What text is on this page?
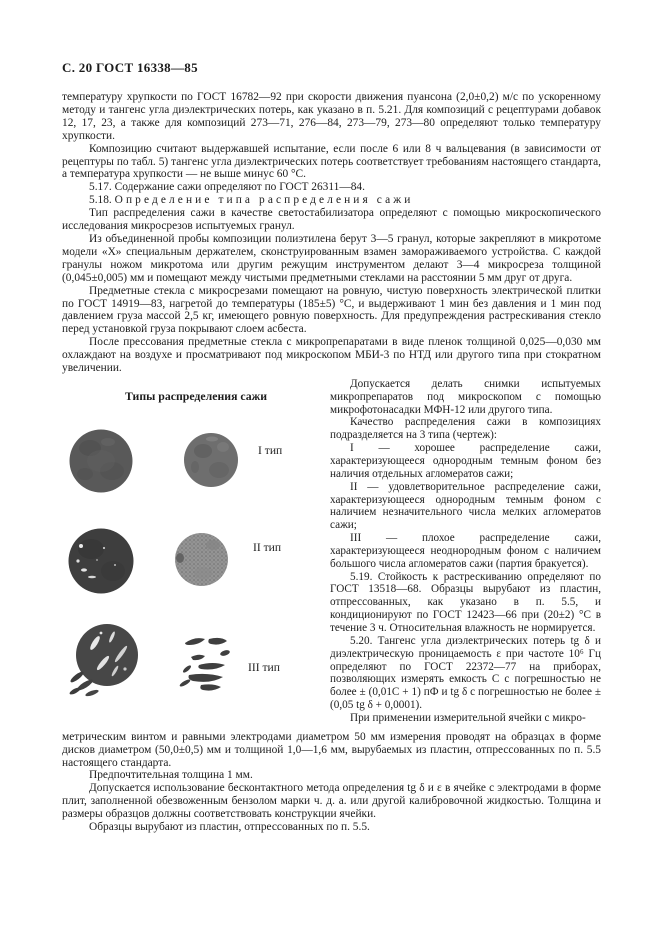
С. 20 ГОСТ 16338—85

температуру хрупкости по ГОСТ 16782—92 при скорости движения пуансона (2,0±0,2) м/с по ускоренному методу и тангенс угла диэлектрических потерь, как указано в п. 5.21. Для композиций с рецептурами добавок 12, 17, 23, а также для композиций 273—71, 276—84, 273—79, 273—80 определяют только температуру хрупкости.

Композицию считают выдержавшей испытание, если после 6 или 8 ч вальцевания (в зависимости от рецептуры по табл. 5) тангенс угла диэлектрических потерь соответствует требованиям настоящего стандарта, а температура хрупкости — не выше минус 60 °С.

5.17. Содержание сажи определяют по ГОСТ 26311—84.

5.18. Определение типа распределения сажи

Тип распределения сажи в качестве светостабилизатора определяют с помощью микроскопического исследования микросрезов испытуемых гранул.

Из объединенной пробы композиции полиэтилена берут 3—5 гранул, которые закрепляют в микротоме модели «Х» специальным держателем, сконструированным взамен замораживаемого устройства. С каждой гранулы ножом микротома или другим режущим инструментом делают 3—4 микросреза толщиной (0,045±0,005) мм и помещают между чистыми предметными стеклами на расстоянии 5 мм друг от друга.

Предметные стекла с микросрезами помещают на ровную, чистую поверхность электрической плитки по ГОСТ 14919—83, нагретой до температуры (185±5) °С, и выдерживают 1 мин без давления и 1 мин под давлением груза массой 2,5 кг, имеющего ровную поверхность. Для предупреждения растрескивания стекло перед установкой груза покрывают слоем асбеста.

После прессования предметные стекла с микропрепаратами в виде пленок толщиной 0,025—0,030 мм охлаждают на воздухе и просматривают под микроскопом МБИ-3 по НТД или другого типа при стократном увеличении.

Типы распределения сажи
I тип
II тип
III тип

Допускается делать снимки испытуемых микропрепаратов под микроскопом с помощью микрофотонасадки МФН-12 или другого типа.

Качество распределения сажи в композициях подразделяется на 3 типа (чертеж):

I — хорошее распределение сажи, характеризующееся однородным темным фоном без наличия отдельных агломератов сажи;

II — удовлетворительное распределение сажи, характеризующееся однородным темным фоном с наличием незначительного числа мелких агломератов сажи;

III — плохое распределение сажи, характеризующееся неоднородным фоном с наличием большого числа агломератов сажи (партия бракуется).

5.19. Стойкость к растрескиванию определяют по ГОСТ 13518—68. Образцы вырубают из пластин, отпрессованных, как указано в п. 5.5, и кондиционируют по ГОСТ 12423—66 при (20±2) °С в течение 3 ч. Относительная влажность не нормируется.

5.20. Тангенс угла диэлектрических потерь tg δ и диэлектрическую проницаемость ε при частоте 10⁶ Гц определяют по ГОСТ 22372—77 на приборах, позволяющих измерять емкость С с погрешностью не более ± (0,01С + 1) пФ и tg δ с погрешностью не более ±(0,05 tg δ + 0,0001).

При применении измерительной ячейки с микро-

метрическим винтом и равными электродами диаметром 50 мм измерения проводят на образцах в форме дисков диаметром (50,0±0,5) мм и толщиной 1,0—1,6 мм, вырубаемых из пластин, отпрессованных по п. 5.5 настоящего стандарта.

Предпочтительная толщина 1 мм.

Допускается использование бесконтактного метода определения tg δ и ε в ячейке с электродами в форме плит, заполненной обезвоженным бензолом марки ч. д. а. или другой калибровочной жидкостью. Толщина и размеры образцов должны соответствовать конструкции ячейки.

Образцы вырубают из пластин, отпрессованных по п. 5.5.
